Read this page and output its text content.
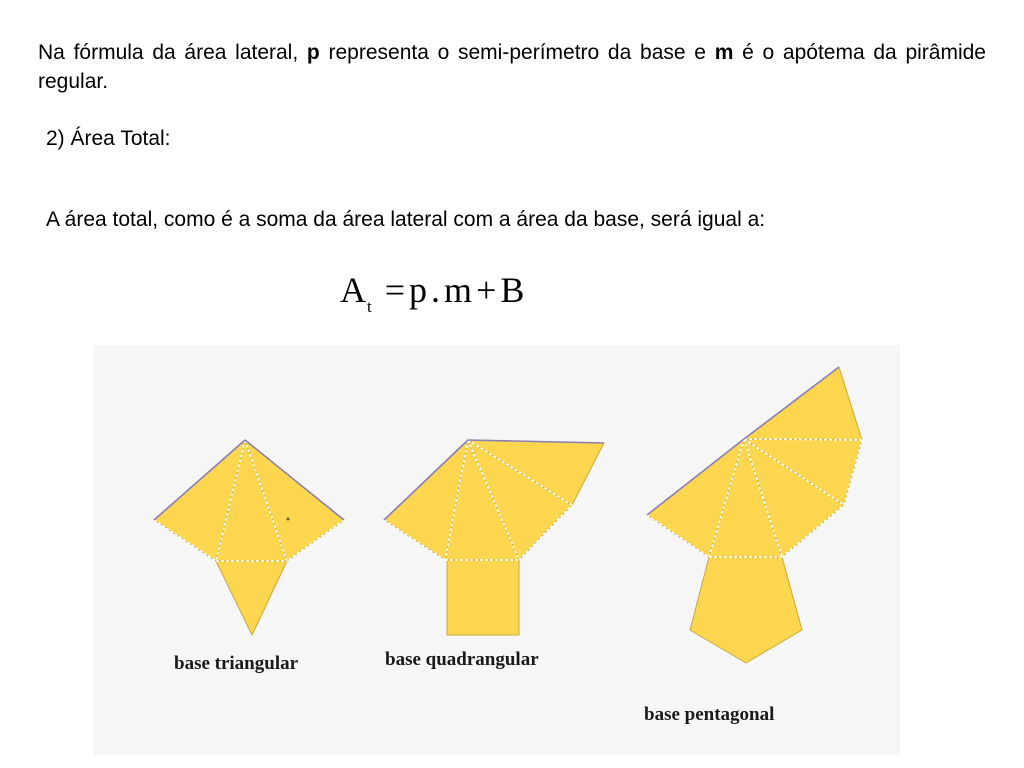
Na fórmula da área lateral, p representa o semi-perímetro da base e m é o apótema da pirâmide regular.
2) Área Total:
A área total, como é a soma da área lateral com a área da base, será igual a:
$A_t = p$ . m + B
base triangular	base quadrangular
base pentagonal
